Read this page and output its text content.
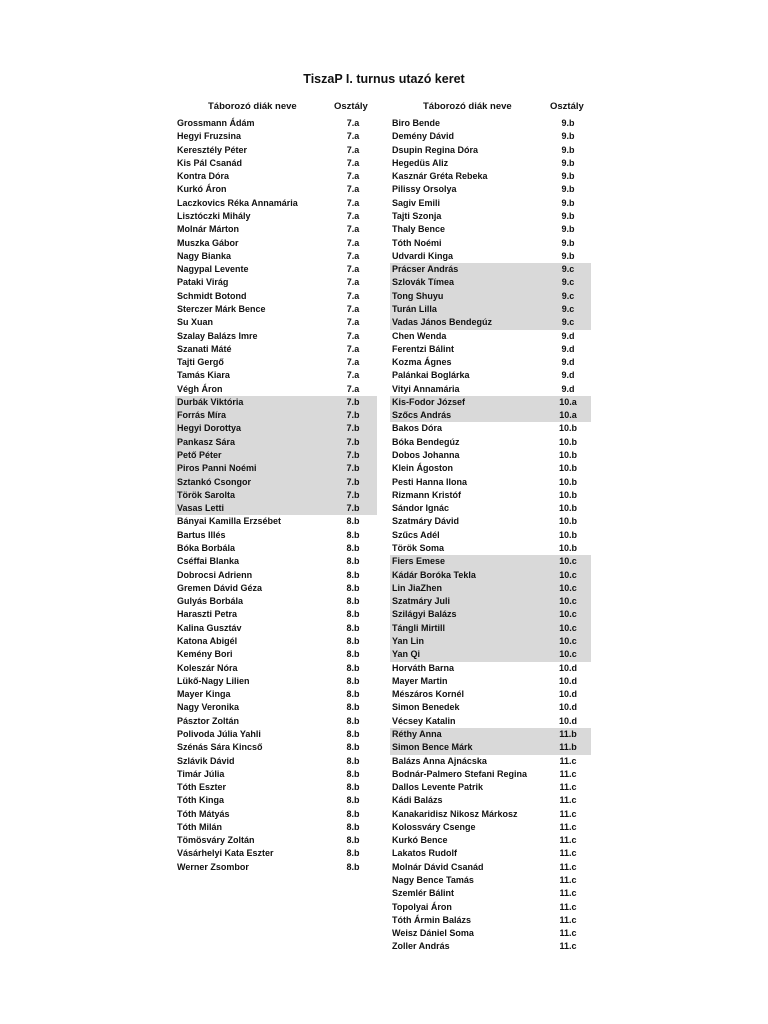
TiszaP I. turnus utazó keret
Táborozó diák neve	Osztály
Grossmann Ádám	7.a
Hegyi Fruzsina	7.a
Keresztély Péter	7.a
Kis Pál Csanád	7.a
Kontra Dóra	7.a
Kurkó Áron	7.a
Laczkovics Réka Annamária	7.a
Lisztóczki Mihály	7.a
Molnár Márton	7.a
Muszka Gábor	7.a
Nagy Bianka	7.a
Nagypal Levente	7.a
Pataki Virág	7.a
Schmidt Botond	7.a
Sterczer Márk Bence	7.a
Su Xuan	7.a
Szalay Balázs Imre	7.a
Szanati Máté	7.a
Tajti Gergő	7.a
Tamás Kiara	7.a
Végh Áron	7.a
Durbák Viktória	7.b
Forrás Míra	7.b
Hegyi Dorottya	7.b
Pankasz Sára	7.b
Pető Péter	7.b
Piros Panni Noémi	7.b
Sztankó Csongor	7.b
Török Sarolta	7.b
Vasas Letti	7.b
Bányai Kamilla Erzsébet	8.b
Bartus Illés	8.b
Bóka Borbála	8.b
Cséffai Blanka	8.b
Dobrocsi Adrienn	8.b
Gremen Dávid Géza	8.b
Gulyás Borbála	8.b
Haraszti Petra	8.b
Kalina Gusztáv	8.b
Katona Abigél	8.b
Kemény Bori	8.b
Koleszár Nóra	8.b
Lükő-Nagy Lilien	8.b
Mayer Kinga	8.b
Nagy Veronika	8.b
Pásztor Zoltán	8.b
Polivoda Júlia Yahli	8.b
Szénás Sára Kincső	8.b
Szlávik Dávid	8.b
Timár Júlia	8.b
Tóth Eszter	8.b
Tóth Kinga	8.b
Tóth Mátyás	8.b
Tóth Milán	8.b
Tömösváry Zoltán	8.b
Vásárhelyi Kata Eszter	8.b
Werner Zsombor	8.b
Táborozó diák neve	Osztály
Biro Bende	9.b
Demény Dávid	9.b
Dsupin Regina Dóra	9.b
Hegedüs Aliz	9.b
Kasznár Gréta Rebeka	9.b
Pilissy Orsolya	9.b
Sagiv Emili	9.b
Tajti Szonja	9.b
Thaly Bence	9.b
Tóth Noémi	9.b
Udvardi Kinga	9.b
Prácser András	9.c
Szlovák Tímea	9.c
Tong Shuyu	9.c
Turán Lilla	9.c
Vadas János Bendegúz	9.c
Chen Wenda	9.d
Ferentzi Bálint	9.d
Kozma Ágnes	9.d
Palánkai Boglárka	9.d
Vityi Annamária	9.d
Kis-Fodor József	10.a
Szőcs András	10.a
Bakos Dóra	10.b
Bóka Bendegúz	10.b
Dobos Johanna	10.b
Klein Ágoston	10.b
Pesti Hanna Ilona	10.b
Rizmann Kristóf	10.b
Sándor Ignác	10.b
Szatmáry Dávid	10.b
Szűcs Adél	10.b
Török Soma	10.b
Fiers Emese	10.c
Kádár Boróka Tekla	10.c
Lin JiaZhen	10.c
Szatmáry Juli	10.c
Szilágyi Balázs	10.c
Tángli Mirtill	10.c
Yan Lin	10.c
Yan Qi	10.c
Horváth Barna	10.d
Mayer Martin	10.d
Mészáros Kornél	10.d
Simon Benedek	10.d
Vécsey Katalin	10.d
Réthy Anna	11.b
Simon Bence Márk	11.b
Balázs Anna Ajnácska	11.c
Bodnár-Palmero Stefani Regina	11.c
Dallos Levente Patrik	11.c
Kádi Balázs	11.c
Kanakaridisz Nikosz Márkosz	11.c
Kolossváry Csenge	11.c
Kurkó Bence	11.c
Lakatos Rudolf	11.c
Molnár Dávid Csanád	11.c
Nagy Bence Tamás	11.c
Szemlér Bálint	11.c
Topolyai Áron	11.c
Tóth Ármin Balázs	11.c
Weisz Dániel Soma	11.c
Zoller András	11.c
